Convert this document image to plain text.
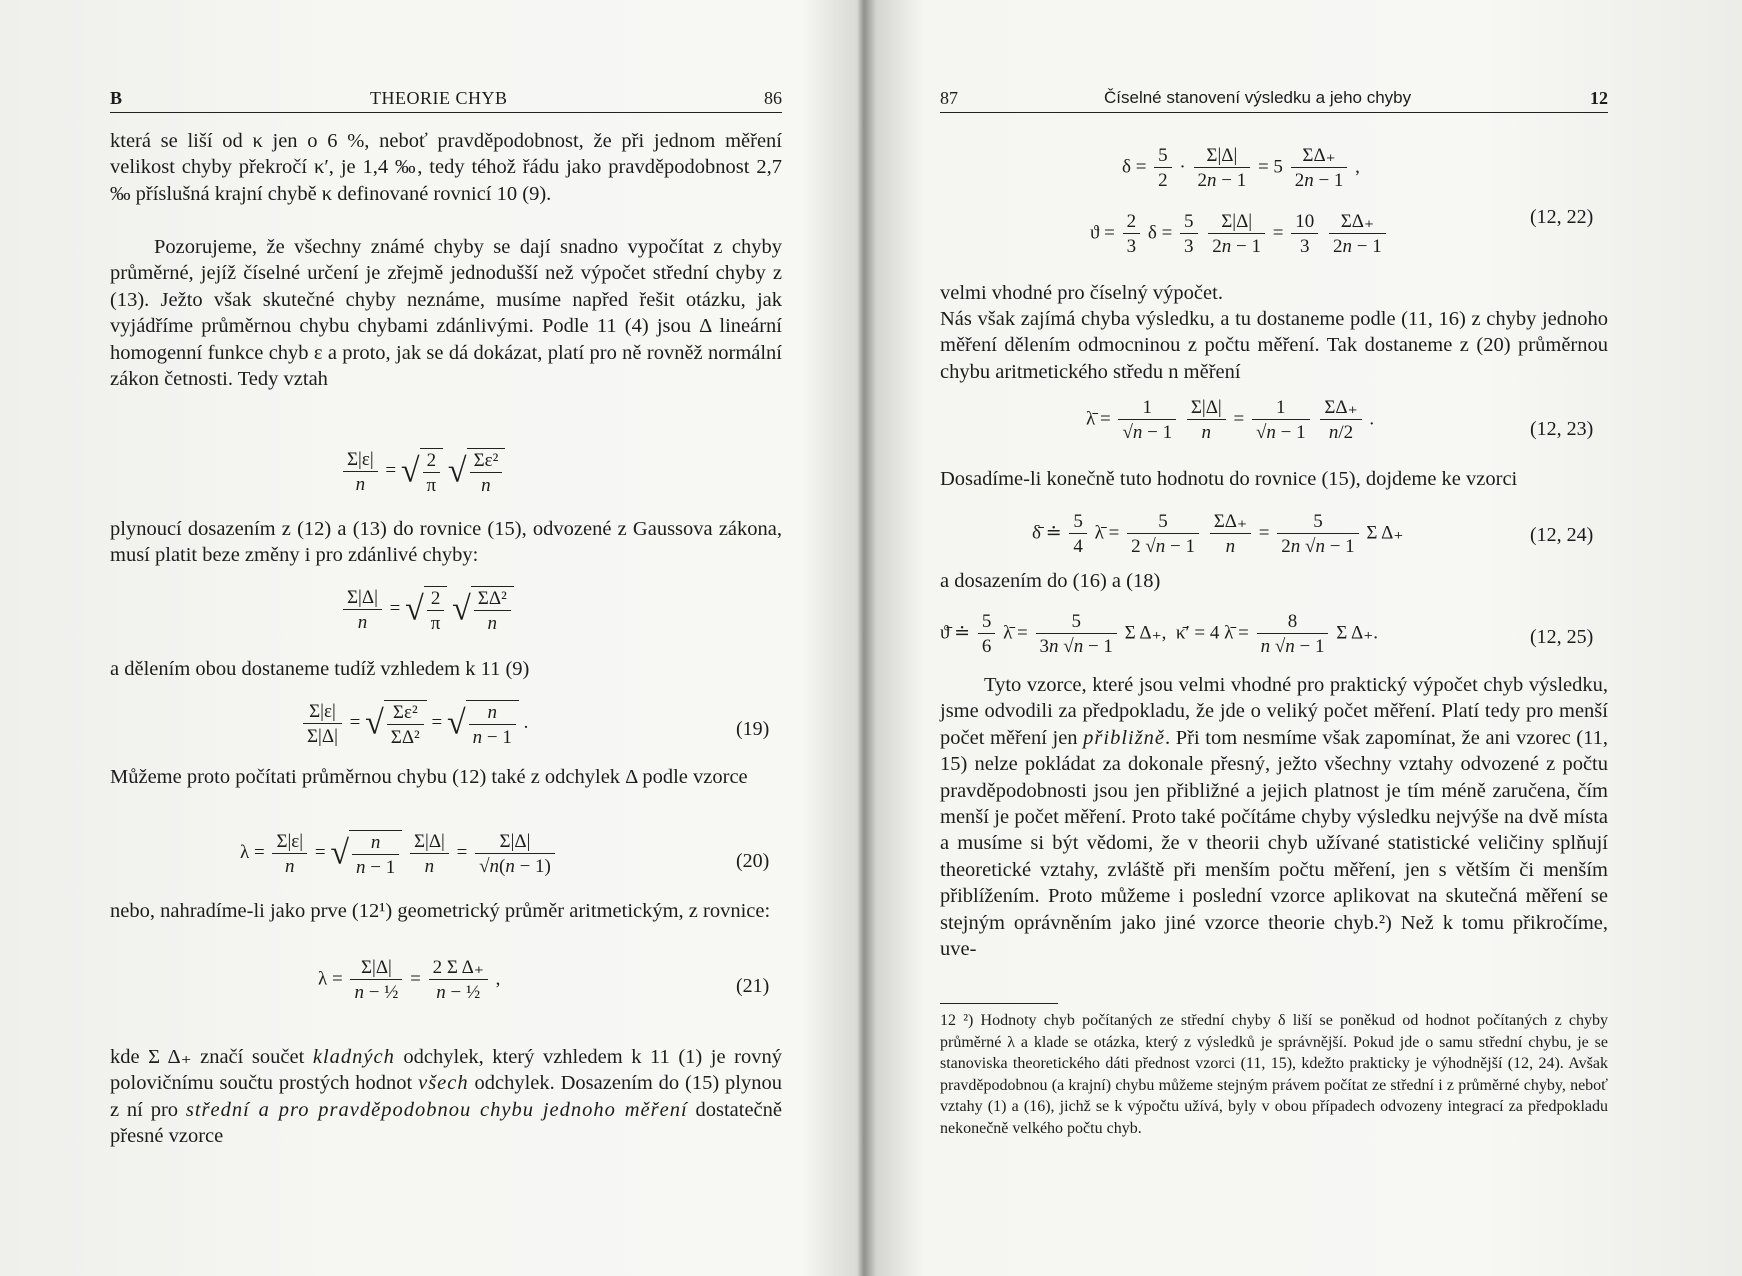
B	THEORIE CHYB	86
která se liší od κ jen o 6 %, neboť pravděpodobnost, že při jednom měření velikost chyby překročí κ′, je 1,4 ‰, tedy téhož řádu jako pravděpodobnost 2,7 ‰ příslušná krajní chybě κ definované rovnicí 10 (9).
Pozorujeme, že všechny známé chyby se dají snadno vypočítat z chyby průměrné, jejíž číselné určení je zřejmě jednodušší než výpočet střední chyby z (13). Ježto však skutečné chyby neznáme, musíme napřed řešit otázku, jak vyjádříme průměrnou chybu chybami zdánlivými. Podle 11 (4) jsou Δ lineární homogenní funkce chyb ε a proto, jak se dá dokázat, platí pro ně rovněž normální zákon četnosti. Tedy vztah
$\frac{\Sigma|\varepsilon|}{n}$ = √ $\frac{2}{\pi}$ √ $\frac{\text{Σε²}}{n}$
plynoucí dosazením z (12) a (13) do rovnice (15), odvozené z Gaussova zákona, musí platit beze změny i pro zdánlivé chyby:
$\frac{\Sigma|\Delta|}{n}$ = √ $\frac{2}{\pi}$ √ $\frac{\text{ΣΔ²}}{n}$
a dělením obou dostaneme tudíž vzhledem k 11 (9)
$\frac{\Sigma|\varepsilon|}{\Sigma|\Delta|}$ = √ $\frac{\text{Σε²}}{\text{ΣΔ²}}$ = √ $\frac{n}{n - 1}$ .	(19)
Můžeme proto počítati průměrnou chybu (12) také z odchylek Δ podle vzorce
$\lambda = \frac{\Sigma|\varepsilon|}{n}$ = √ $\frac{n}{n - 1}$
$\frac{\Sigma|\Delta|}{n} = \frac{\Sigma|\Delta|}{√n(n - 1)}$	(20)
nebo, nahradíme-li jako prve (12¹) geometrický průměr aritmetickým, z rovnice:
$\lambda = \frac{\Sigma|\Delta|}{\text{n − ½}} = \frac{\text{2 Σ Δ₊}}{\text{n − ½}}$ ,	(21)
kde Σ Δ₊ značí součet kladných odchylek, který vzhledem k 11 (1) je rovný polovičnímu součtu prostých hodnot všech odchylek. Dosazením do (15) plynou z ní pro střední a pro pravděpodobnou chybu jednoho měření dostatečně přesné vzorce
87	Číselné stanovení výsledku a jeho chyby	12
$\delta = \frac{5}{2} \cdot \frac{\Sigma|\Delta|}{2n - 1} = 5 \frac{\Sigma\Delta_+}{2n - 1}$ ,
$ϑ = \frac{2}{3}$ $\delta = \frac{5}{3}$
$\frac{\Sigma|\Delta|}{2n - 1} = \frac{10}{3}$
$\frac{\Sigma\Delta_+}{2n - 1}$	(12, 22)
velmi vhodné pro číselný výpočet.
Nás však zajímá chyba výsledku, a tu dostaneme podle (11, 16) z chyby jednoho měření dělením odmocninou z počtu měření. Tak dostaneme z (20) průměrnou chybu aritmetického středu n měření
λ̄ = $\frac{1}{√n - 1}$
$\frac{\Sigma|\Delta|}{n} = \frac{1}{√n - 1}$
$\frac{\Sigma\Delta_+}{n/2}$ .	(12, 23)
Dosadíme-li konečně tuto hodnotu do rovnice (15), dojdeme ke vzorci
δ̄ ≐ $\frac{5}{4}$ λ̄ = $\frac{5}{2 √n - 1}$
$\frac{\Sigma\Delta_+}{n} = \frac{5}{2n √n - 1}$ Σ Δ₊	(12, 24)
a dosazením do (16) a (18)
ϑ̄ ≐ $\frac{5}{6}$ λ̄ = $\frac{5}{3n √n - 1}$ Σ Δ₊,  κ̄′ = 4 λ̄ = $\frac{8}{n √n - 1}$ Σ Δ₊.	(12, 25)
Tyto vzorce, které jsou velmi vhodné pro praktický výpočet chyb výsledku, jsme odvodili za předpokladu, že jde o veliký počet měření. Platí tedy pro menší počet měření jen přibližně. Při tom nesmíme však zapomínat, že ani vzorec (11, 15) nelze pokládat za dokonale přesný, ježto všechny vztahy odvozené z počtu pravděpodobnosti jsou jen přibližné a jejich platnost je tím méně zaručena, čím menší je počet měření. Proto také počítáme chyby výsledku nejvýše na dvě místa a musíme si být vědomi, že v theorii chyb užívané statistické veličiny splňují theoretické vztahy, zvláště při menším počtu měření, jen s větším či menším přiblížením. Proto můžeme i poslední vzorce aplikovat na skutečná měření se stejným oprávněním jako jiné vzorce theorie chyb.²) Než k tomu přikročíme, uve-
12 ²) Hodnoty chyb počítaných ze střední chyby δ liší se poněkud od hodnot počítaných z chyby průměrné λ a klade se otázka, který z výsledků je správnější. Pokud jde o samu střední chybu, je se stanoviska theoretického dáti přednost vzorci (11, 15), kdežto prakticky je výhodnější (12, 24). Avšak pravděpodobnou (a krajní) chybu můžeme stejným právem počítat ze střední i z průměrné chyby, neboť vztahy (1) a (16), jichž se k výpočtu užívá, byly v obou případech odvozeny integrací za předpokladu nekonečně velkého počtu chyb.
